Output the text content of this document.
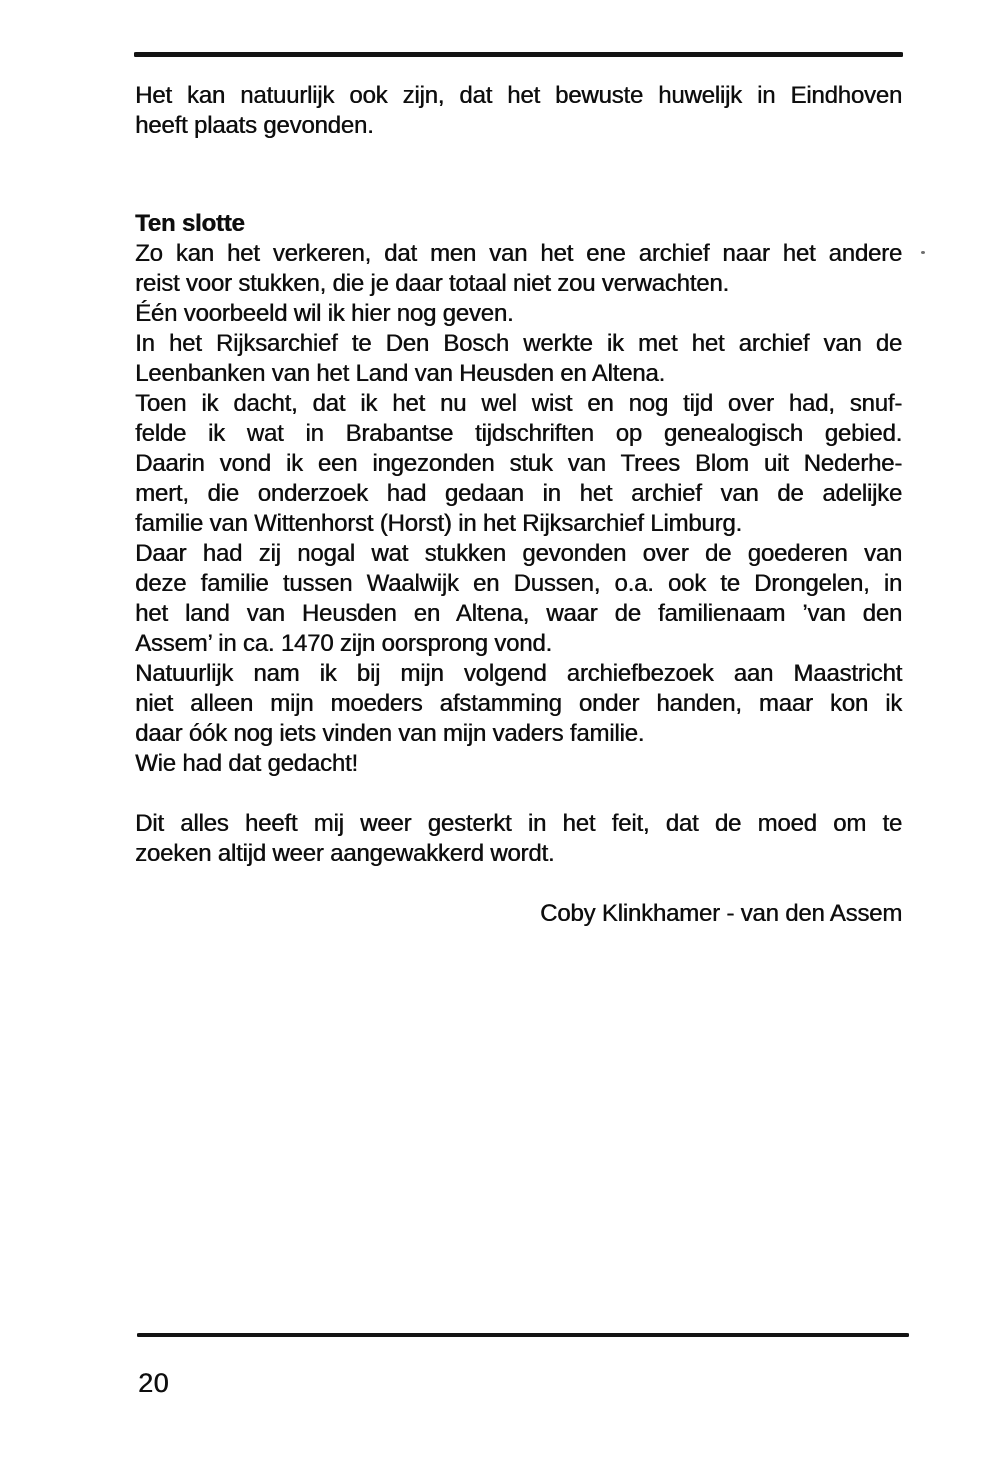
Het kan natuurlijk ook zijn, dat het bewuste huwelijk in Eindhoven
heeft plaats gevonden.
Ten slotte
Zo kan het verkeren, dat men van het ene archief naar het andere
reist voor stukken, die je daar totaal niet zou verwachten.
Één voorbeeld wil ik hier nog geven.
In het Rijksarchief te Den Bosch werkte ik met het archief van de
Leenbanken van het Land van Heusden en Altena.
Toen ik dacht, dat ik het nu wel wist en nog tijd over had, snuf-
felde ik wat in Brabantse tijdschriften op genealogisch gebied.
Daarin vond ik een ingezonden stuk van Trees Blom uit Nederhe-
mert, die onderzoek had gedaan in het archief van de adelijke
familie van Wittenhorst (Horst) in het Rijksarchief Limburg.
Daar had zij nogal wat stukken gevonden over de goederen van
deze familie tussen Waalwijk en Dussen, o.a. ook te Drongelen, in
het land van Heusden en Altena, waar de familienaam ’van den
Assem’ in ca. 1470 zijn oorsprong vond.
Natuurlijk nam ik bij mijn volgend archiefbezoek aan Maastricht
niet alleen mijn moeders afstamming onder handen, maar kon ik
daar óók nog iets vinden van mijn vaders familie.
Wie had dat gedacht!
Dit alles heeft mij weer gesterkt in het feit, dat de moed om te
zoeken altijd weer aangewakkerd wordt.
Coby Klinkhamer - van den Assem
20
